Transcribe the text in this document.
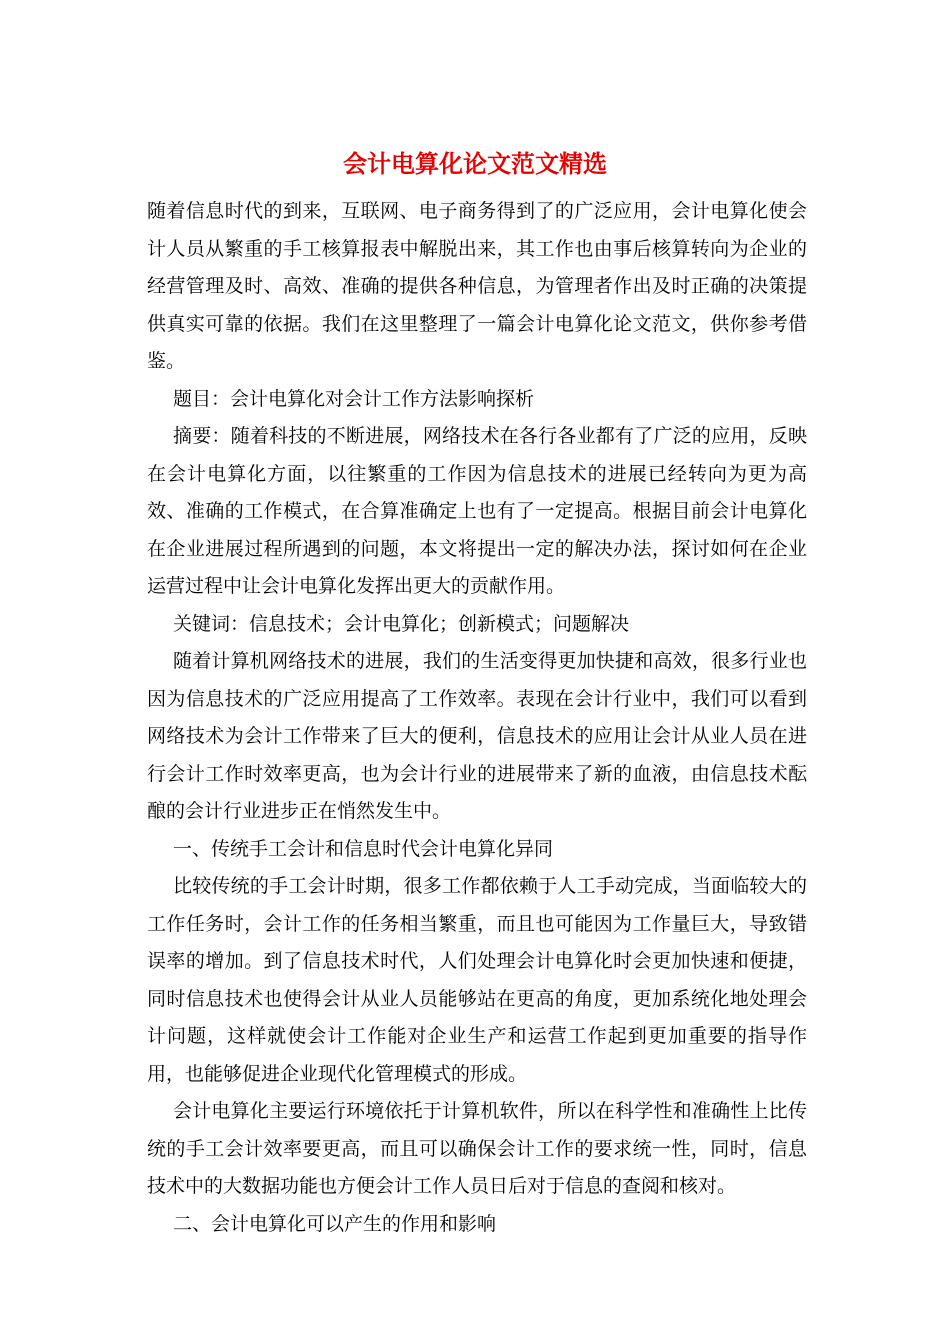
会计电算化论文范文精选

随着信息时代的到来，互联网、电子商务得到了的广泛应用，会计电算化使会计人员从繁重的手工核算报表中解脱出来，其工作也由事后核算转向为企业的经营管理及时、高效、准确的提供各种信息，为管理者作出及时正确的决策提供真实可靠的依据。我们在这里整理了一篇会计电算化论文范文，供你参考借鉴。

题目：会计电算化对会计工作方法影响探析

摘要：随着科技的不断进展，网络技术在各行各业都有了广泛的应用，反映在会计电算化方面，以往繁重的工作因为信息技术的进展已经转向为更为高效、准确的工作模式，在合算准确定上也有了一定提高。根据目前会计电算化在企业进展过程所遇到的问题，本文将提出一定的解决办法，探讨如何在企业运营过程中让会计电算化发挥出更大的贡献作用。

关键词：信息技术；会计电算化；创新模式；问题解决

随着计算机网络技术的进展，我们的生活变得更加快捷和高效，很多行业也因为信息技术的广泛应用提高了工作效率。表现在会计行业中，我们可以看到网络技术为会计工作带来了巨大的便利，信息技术的应用让会计从业人员在进行会计工作时效率更高，也为会计行业的进展带来了新的血液，由信息技术酝酿的会计行业进步正在悄然发生中。

一、传统手工会计和信息时代会计电算化异同

比较传统的手工会计时期，很多工作都依赖于人工手动完成，当面临较大的工作任务时，会计工作的任务相当繁重，而且也可能因为工作量巨大，导致错误率的增加。到了信息技术时代，人们处理会计电算化时会更加快速和便捷，同时信息技术也使得会计从业人员能够站在更高的角度，更加系统化地处理会计问题，这样就使会计工作能对企业生产和运营工作起到更加重要的指导作用，也能够促进企业现代化管理模式的形成。

会计电算化主要运行环境依托于计算机软件，所以在科学性和准确性上比传统的手工会计效率要更高，而且可以确保会计工作的要求统一性，同时，信息技术中的大数据功能也方便会计工作人员日后对于信息的查阅和核对。

二、会计电算化可以产生的作用和影响
